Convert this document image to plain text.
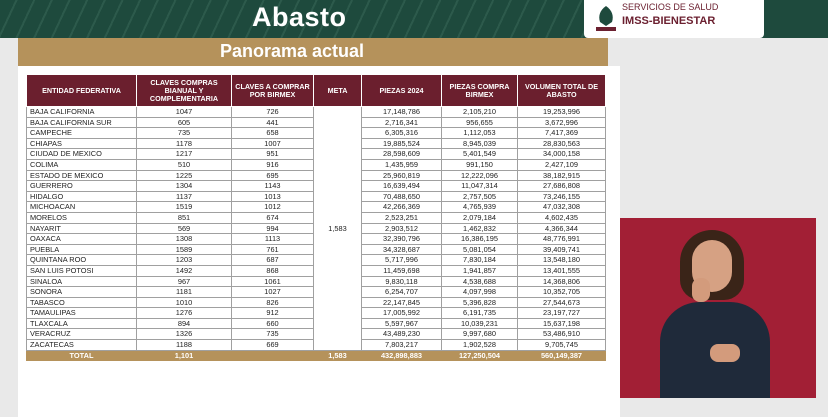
Abasto	SERVICIOS DE SALUD
IMSS-BIENESTAR
Panorama actual
ENTIDAD FEDERATIVA	CLAVES COMPRAS BIANUAL Y COMPLEMENTARIA	CLAVES A COMPRAR POR BIRMEX	META	PIEZAS 2024	PIEZAS COMPRA BIRMEX	VOLUMEN TOTAL DE ABASTO
BAJA CALIFORNIA	1047	726	1,583	17,148,786	2,105,210	19,253,996
BAJA CALIFORNIA SUR	605	441		2,716,341	956,655	3,672,996
CAMPECHE	735	658		6,305,316	1,112,053	7,417,369
CHIAPAS	1178	1007		19,885,524	8,945,039	28,830,563
CIUDAD DE MEXICO	1217	951		28,598,609	5,401,549	34,000,158
COLIMA	510	916		1,435,959	991,150	2,427,109
ESTADO DE MEXICO	1225	695		25,960,819	12,222,096	38,182,915
GUERRERO	1304	1143		16,639,494	11,047,314	27,686,808
HIDALGO	1137	1013		70,488,650	2,757,505	73,246,155
MICHOACAN	1519	1012		42,266,369	4,765,939	47,032,308
MORELOS	851	674		2,523,251	2,079,184	4,602,435
NAYARIT	569	994		2,903,512	1,462,832	4,366,344
OAXACA	1308	1113		32,390,796	16,386,195	48,776,991
PUEBLA	1589	761		34,328,687	5,081,054	39,409,741
QUINTANA ROO	1203	687		5,717,996	7,830,184	13,548,180
SAN LUIS POTOSI	1492	868		11,459,698	1,941,857	13,401,555
SINALOA	967	1061		9,830,118	4,538,688	14,368,806
SONORA	1181	1027		6,254,707	4,097,998	10,352,705
TABASCO	1010	826		22,147,845	5,396,828	27,544,673
TAMAULIPAS	1276	912		17,005,992	6,191,735	23,197,727
TLAXCALA	894	660		5,597,967	10,039,231	15,637,198
VERACRUZ	1326	735		43,489,230	9,997,680	53,486,910
ZACATECAS	1188	669		7,803,217	1,902,528	9,705,745
TOTAL	1,101		1,583	432,898,883	127,250,504	560,149,387
